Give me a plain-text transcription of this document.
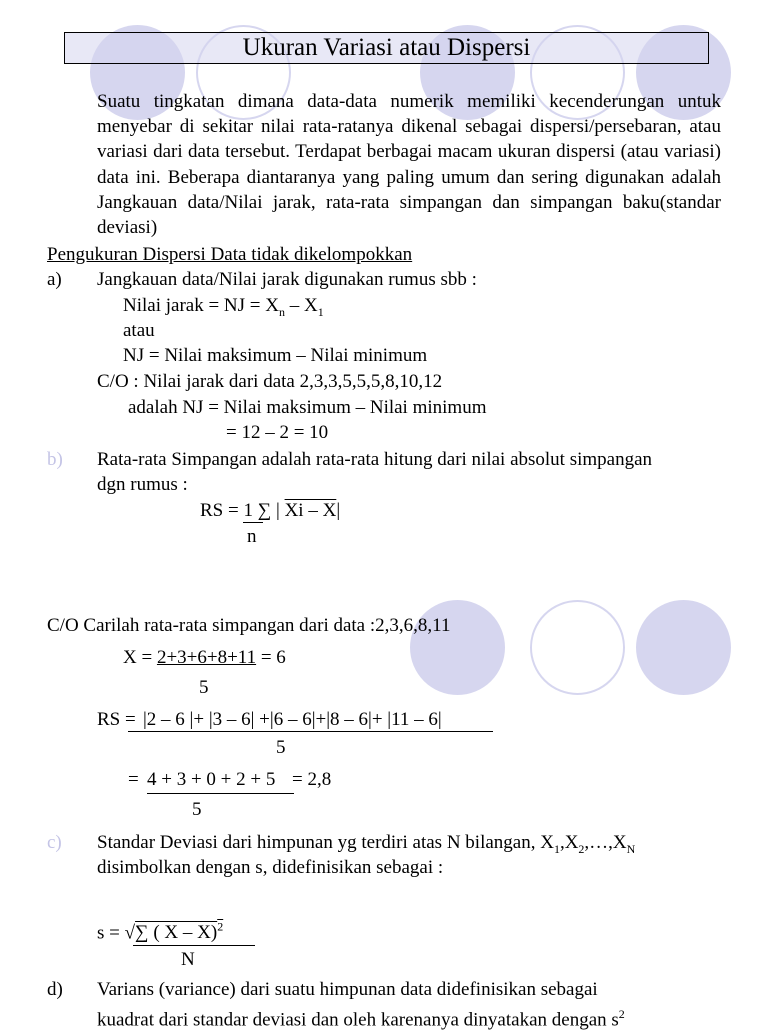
Ukuran Variasi atau Dispersi
Suatu tingkatan dimana data-data numerik memiliki kecenderungan untuk menyebar di sekitar nilai rata-ratanya dikenal sebagai dispersi/persebaran, atau variasi dari data tersebut. Terdapat berbagai macam ukuran dispersi (atau variasi) data ini. Beberapa diantaranya yang paling umum dan sering digunakan adalah Jangkauan data/Nilai jarak, rata-rata simpangan dan simpangan baku(standar deviasi)
Pengukuran Dispersi Data tidak dikelompokkan
a) Jangkauan data/Nilai jarak digunakan rumus sbb :
Nilai jarak = NJ = $X_n - X_1$
atau
NJ = Nilai maksimum – Nilai minimum
C/O : Nilai jarak dari data 2,3,3,5,5,5,8,10,12
adalah NJ = Nilai maksimum – Nilai minimum
= 12 – 2 = 10
b) Rata-rata Simpangan adalah rata-rata hitung dari nilai absolut simpangan
dgn rumus :
RS = 1 ∑ | Xi – X|
n
C/O Carilah rata-rata simpangan dari data :2,3,6,8,11
X = 2+3+6+8+11 = 6
5
RS = |2 – 6 |+ |3 – 6| +|6 – 6|+|8 – 6|+ |11 – 6|
5
= 4 + 3 + 0 + 2 + 5 = 2,8
5
c) Standar Deviasi dari himpunan yg terdiri atas N bilangan, $X_1,X_2,\dots,X_N$
disimbolkan dengan s, didefinisikan sebagai :
s = √∑ ( X – X)$^2$
N
d) Varians (variance) dari suatu himpunan data didefinisikan sebagai
kuadrat dari standar deviasi dan oleh karenanya dinyatakan dengan $s^2$
